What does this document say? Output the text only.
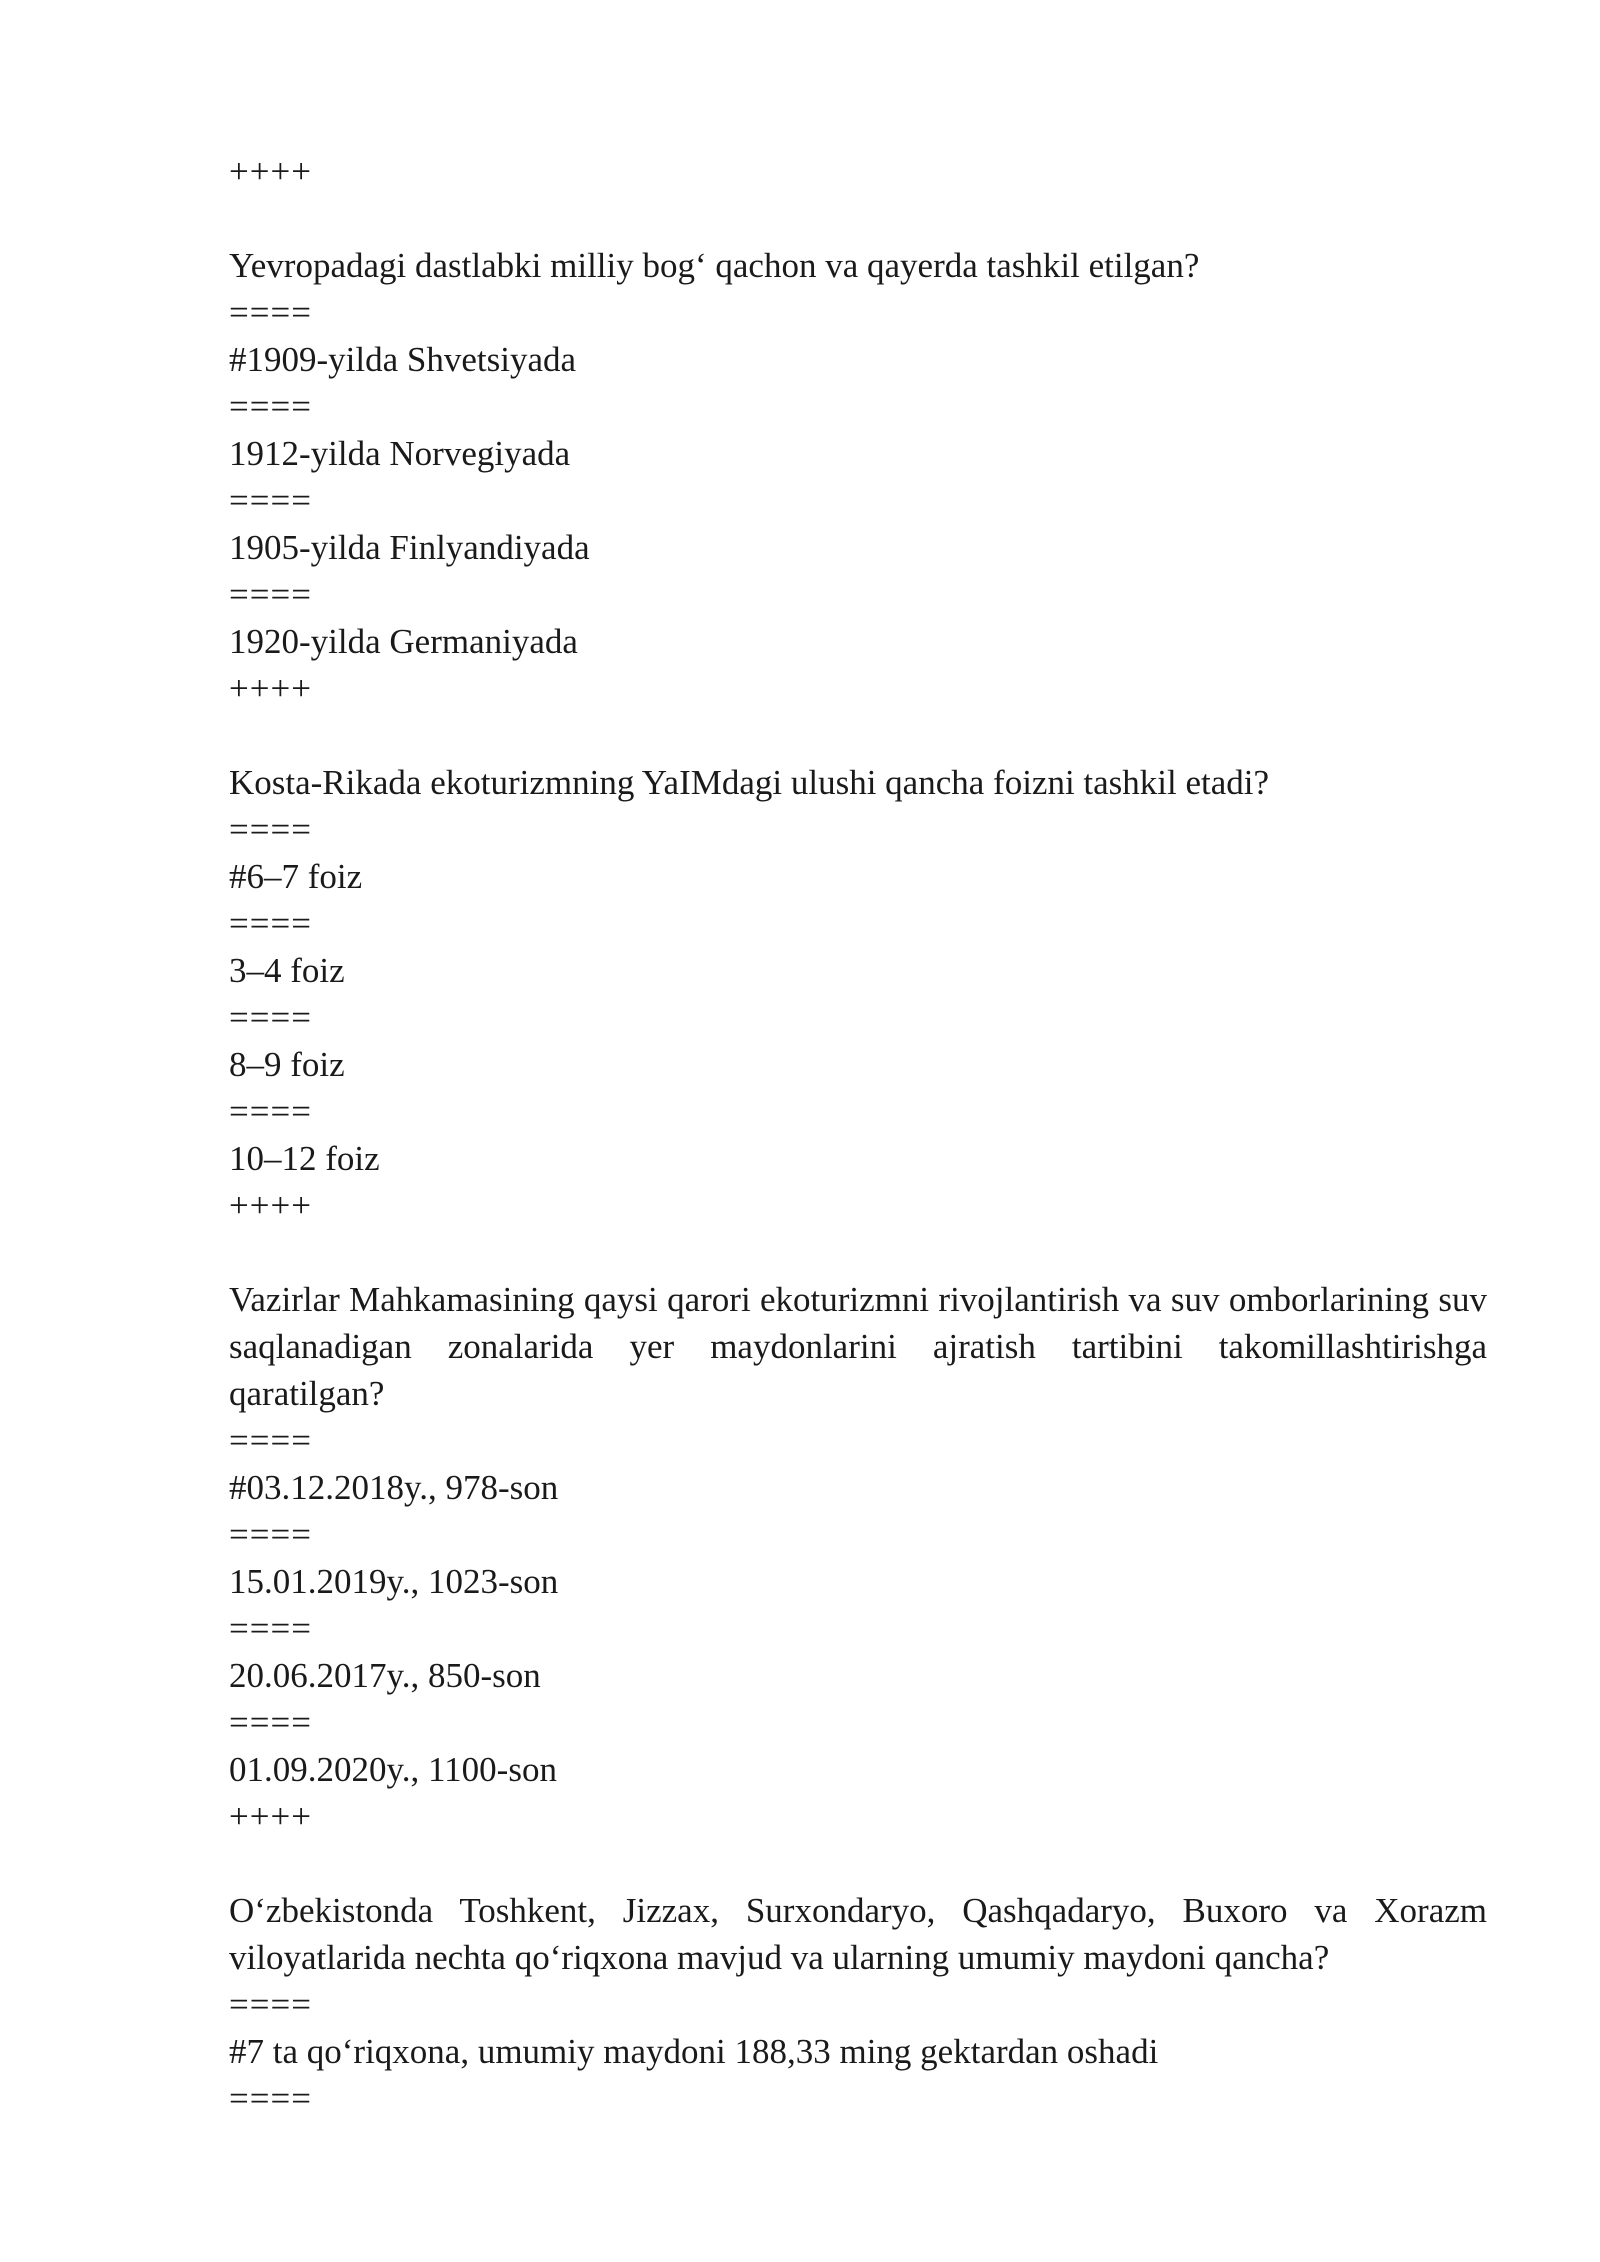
++++
Yevropadagi dastlabki milliy bog‘ qachon va qayerda tashkil etilgan?
====
#1909-yilda Shvetsiyada
====
1912-yilda Norvegiyada
====
1905-yilda Finlyandiyada
====
1920-yilda Germaniyada
++++
Kosta-Rikada ekoturizmning YaIMdagi ulushi qancha foizni tashkil etadi?
====
#6–7 foiz
====
3–4 foiz
====
8–9 foiz
====
10–12 foiz
++++
Vazirlar Mahkamasining qaysi qarori ekoturizmni rivojlantirish va suv omborlarining suv saqlanadigan zonalarida yer maydonlarini ajratish tartibini takomillashtirishga qaratilgan?
====
#03.12.2018y., 978-son
====
15.01.2019y., 1023-son
====
20.06.2017y., 850-son
====
01.09.2020y., 1100-son
++++
O‘zbekistonda Toshkent, Jizzax, Surxondaryo, Qashqadaryo, Buxoro va Xorazm viloyatlarida nechta qo‘riqxona mavjud va ularning umumiy maydoni qancha?
====
#7 ta qo‘riqxona, umumiy maydoni 188,33 ming gektardan oshadi
====
